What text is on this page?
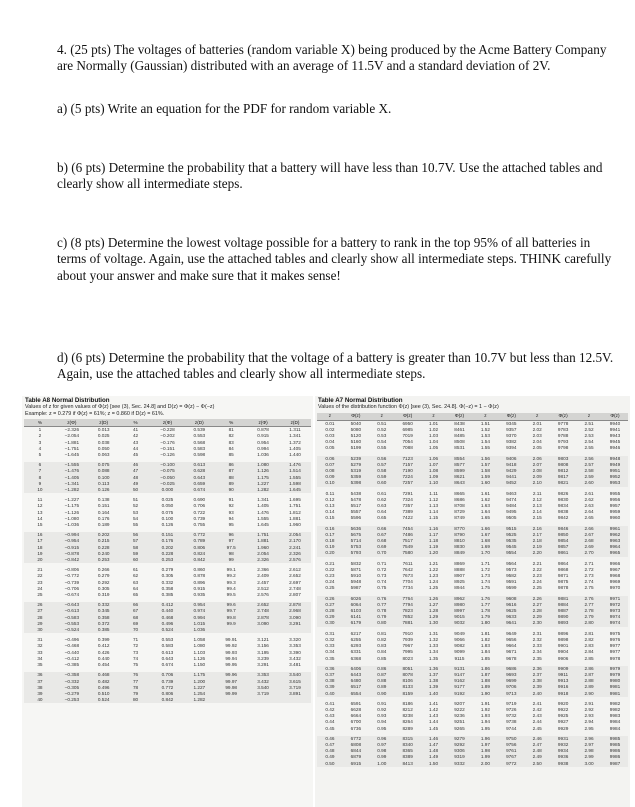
4. (25 pts) The voltages of batteries (random variable X) being produced by the Acme Battery Company are Normally (Gaussian) distributed with an average of 11.5V and a standard deviation of 2V.

a) (5 pts) Write an equation for the PDF for random variable X.

b) (6 pts) Determine the probability that a battery will have less than 10.7V. Use the attached tables and clearly show all intermediate steps.

c) (8 pts) Determine the lowest voltage possible for a battery to rank in the top 95% of all batteries in terms of voltage. Again, use the attached tables and clearly show all intermediate steps. THINK carefully about your answer and make sure that it makes sense!

d) (6 pts) Determine the probability that the voltage of a battery is greater than 10.7V but less than 12.5V. Again, use the attached tables and clearly show all intermediate steps.

Table A8 Normal Distribution
Values of z for given values of Φ(z) [see (3), Sec. 24.8] and D(z) = Φ(z) − Φ(−z)
Example: z = 0.279 if Φ(z) = 61%; z = 0.860 if D(z) = 61%.
%	z(Φ)	z(D)	%	z(Φ)	z(D)	%	z(Φ)	z(D)
1	−2.326	0.013	41	−0.228	0.539	81	0.878	1.311
2	−2.054	0.025	42	−0.202	0.553	82	0.915	1.341
3	−1.881	0.038	43	−0.176	0.568	83	0.954	1.372
4	−1.751	0.050	44	−0.151	0.583	84	0.994	1.405
5	−1.645	0.063	45	−0.126	0.598	85	1.036	1.440

6	−1.555	0.075	46	−0.100	0.613	86	1.080	1.476
7	−1.476	0.088	47	−0.075	0.628	87	1.126	1.514
8	−1.405	0.100	48	−0.050	0.643	88	1.175	1.555
9	−1.341	0.113	49	−0.025	0.659	89	1.227	1.598
10	−1.282	0.126	50	0.000	0.674	90	1.282	1.645

11	−1.227	0.138	51	0.025	0.690	91	1.341	1.695
12	−1.175	0.151	52	0.050	0.706	92	1.405	1.751
13	−1.126	0.164	53	0.075	0.722	93	1.476	1.812
14	−1.080	0.176	54	0.100	0.739	94	1.555	1.881
15	−1.036	0.189	55	0.126	0.755	95	1.645	1.960

16	−0.994	0.202	56	0.151	0.772	96	1.751	2.054
17	−0.954	0.215	57	0.176	0.789	97	1.881	2.170
18	−0.915	0.228	58	0.202	0.806	97.5	1.960	2.241
19	−0.878	0.240	59	0.228	0.824	98	2.054	2.326
20	−0.842	0.253	60	0.253	0.842	99	2.326	2.576

21	−0.806	0.266	61	0.279	0.860	99.1	2.366	2.612
22	−0.772	0.279	62	0.305	0.878	99.2	2.409	2.652
23	−0.739	0.292	63	0.332	0.896	99.3	2.457	2.697
24	−0.706	0.305	64	0.358	0.915	99.4	2.512	2.748
25	−0.674	0.319	65	0.385	0.935	99.5	2.576	2.807

26	−0.643	0.332	66	0.412	0.954	99.6	2.652	2.878
27	−0.613	0.345	67	0.440	0.974	99.7	2.748	2.968
28	−0.583	0.358	68	0.468	0.994	99.8	2.878	3.090
29	−0.553	0.372	69	0.496	1.015	99.9	3.090	3.291
30	−0.524	0.385	70	0.524	1.036			

31	−0.496	0.399	71	0.553	1.058	99.91	3.121	3.320
32	−0.468	0.412	72	0.583	1.080	99.92	3.156	3.353
33	−0.440	0.426	73	0.613	1.103	99.93	3.195	3.390
34	−0.412	0.440	74	0.643	1.126	99.94	3.239	3.432
35	−0.385	0.454	75	0.674	1.150	99.95	3.291	3.481

36	−0.358	0.468	76	0.706	1.175	99.96	3.353	3.540
37	−0.332	0.482	77	0.739	1.200	99.97	3.432	3.615
38	−0.305	0.496	78	0.772	1.227	99.98	3.540	3.719
39	−0.279	0.510	79	0.806	1.254	99.99	3.719	3.891
40	−0.253	0.524	80	0.842	1.282			
Table A7 Normal Distribution
Values of the distribution function Φ(z) [see (3), Sec. 24.8]. Φ(−z) = 1 − Φ(z)
z	Φ(z)	z	Φ(z)	z	Φ(z)	z	Φ(z)	z	Φ(z)	z	Φ(z)
0.01	5040	0.51	6950	1.01	8438	1.51	9345	2.01	9778	2.51	9940
0.02	5080	0.52	6985	1.02	8461	1.52	9357	2.02	9783	2.52	9941
0.03	5120	0.53	7019	1.03	8485	1.53	9370	2.03	9788	2.53	9943
0.04	5160	0.54	7054	1.04	8508	1.54	9382	2.04	9793	2.54	9945
0.05	5199	0.55	7088	1.05	8531	1.55	9394	2.05	9798	2.55	9946

0.06	5239	0.56	7123	1.06	8554	1.56	9406	2.06	9803	2.56	9948
0.07	5279	0.57	7157	1.07	8577	1.57	9418	2.07	9808	2.57	9949
0.08	5319	0.58	7190	1.08	8599	1.58	9429	2.08	9812	2.58	9951
0.09	5359	0.59	7224	1.09	8621	1.59	9441	2.09	9817	2.59	9952
0.10	5398	0.60	7257	1.10	8643	1.60	9452	2.10	9821	2.60	9953

0.11	5438	0.61	7291	1.11	8665	1.61	9463	2.11	9826	2.61	9955
0.12	5478	0.62	7324	1.12	8686	1.62	9474	2.12	9830	2.62	9956
0.13	5517	0.63	7357	1.13	8708	1.63	9484	2.13	9834	2.63	9957
0.14	5557	0.64	7389	1.14	8729	1.64	9495	2.14	9838	2.64	9959
0.15	5596	0.65	7422	1.15	8749	1.65	9505	2.15	9842	2.65	9960

0.16	5636	0.66	7454	1.16	8770	1.66	9515	2.16	9846	2.66	9961
0.17	5675	0.67	7486	1.17	8790	1.67	9525	2.17	9850	2.67	9962
0.18	5714	0.68	7517	1.18	8810	1.68	9535	2.18	9854	2.68	9963
0.19	5753	0.69	7549	1.19	8830	1.69	9545	2.19	9857	2.69	9964
0.20	5793	0.70	7580	1.20	8849	1.70	9554	2.20	9861	2.70	9965

0.21	5832	0.71	7611	1.21	8869	1.71	9564	2.21	9864	2.71	9966
0.22	5871	0.72	7642	1.22	8888	1.72	9573	2.22	9868	2.72	9967
0.23	5910	0.73	7673	1.23	8907	1.73	9582	2.23	9871	2.73	9968
0.24	5948	0.74	7704	1.24	8925	1.74	9591	2.24	9875	2.74	9969
0.25	5987	0.75	7734	1.25	8944	1.75	9599	2.25	9878	2.75	9970

0.26	6026	0.76	7764	1.26	8962	1.76	9608	2.26	9881	2.76	9971
0.27	6064	0.77	7794	1.27	8980	1.77	9616	2.27	9884	2.77	9972
0.28	6103	0.78	7823	1.28	8997	1.78	9625	2.28	9887	2.78	9973
0.29	6141	0.79	7852	1.29	9015	1.79	9633	2.29	9890	2.79	9974
0.30	6179	0.80	7881	1.30	9032	1.80	9641	2.30	9893	2.80	9974

0.31	6217	0.81	7910	1.31	9049	1.81	9649	2.31	9896	2.81	9975
0.32	6255	0.82	7939	1.32	9066	1.82	9656	2.32	9898	2.82	9976
0.33	6293	0.83	7967	1.33	9082	1.83	9664	2.33	9901	2.83	9977
0.34	6331	0.84	7995	1.34	9099	1.84	9671	2.34	9904	2.84	9977
0.35	6368	0.85	8023	1.35	9115	1.85	9678	2.35	9906	2.85	9978

0.36	6406	0.86	8051	1.36	9131	1.86	9686	2.36	9909	2.86	9979
0.37	6443	0.87	8078	1.37	9147	1.87	9693	2.37	9911	2.87	9979
0.38	6480	0.88	8106	1.38	9162	1.88	9699	2.38	9913	2.88	9980
0.39	6517	0.89	8133	1.39	9177	1.89	9706	2.39	9916	2.89	9981
0.40	6554	0.90	8159	1.40	9192	1.90	9713	2.40	9918	2.90	9981

0.41	6591	0.91	8186	1.41	9207	1.91	9719	2.41	9920	2.91	9982
0.42	6628	0.92	8212	1.42	9222	1.92	9726	2.42	9922	2.92	9982
0.43	6664	0.93	8238	1.43	9236	1.93	9732	2.43	9925	2.93	9983
0.44	6700	0.94	8264	1.44	9251	1.94	9738	2.44	9927	2.94	9984
0.45	6736	0.95	8289	1.45	9265	1.95	9744	2.45	9929	2.95	9984

0.46	6772	0.96	8315	1.46	9279	1.96	9750	2.46	9931	2.96	9985
0.47	6808	0.97	8340	1.47	9292	1.97	9756	2.47	9932	2.97	9985
0.48	6844	0.98	8365	1.48	9306	1.98	9761	2.48	9934	2.98	9986
0.49	6879	0.99	8389	1.49	9319	1.99	9767	2.49	9936	2.99	9986
0.50	6915	1.00	8413	1.50	9332	2.00	9772	2.50	9938	3.00	9987
